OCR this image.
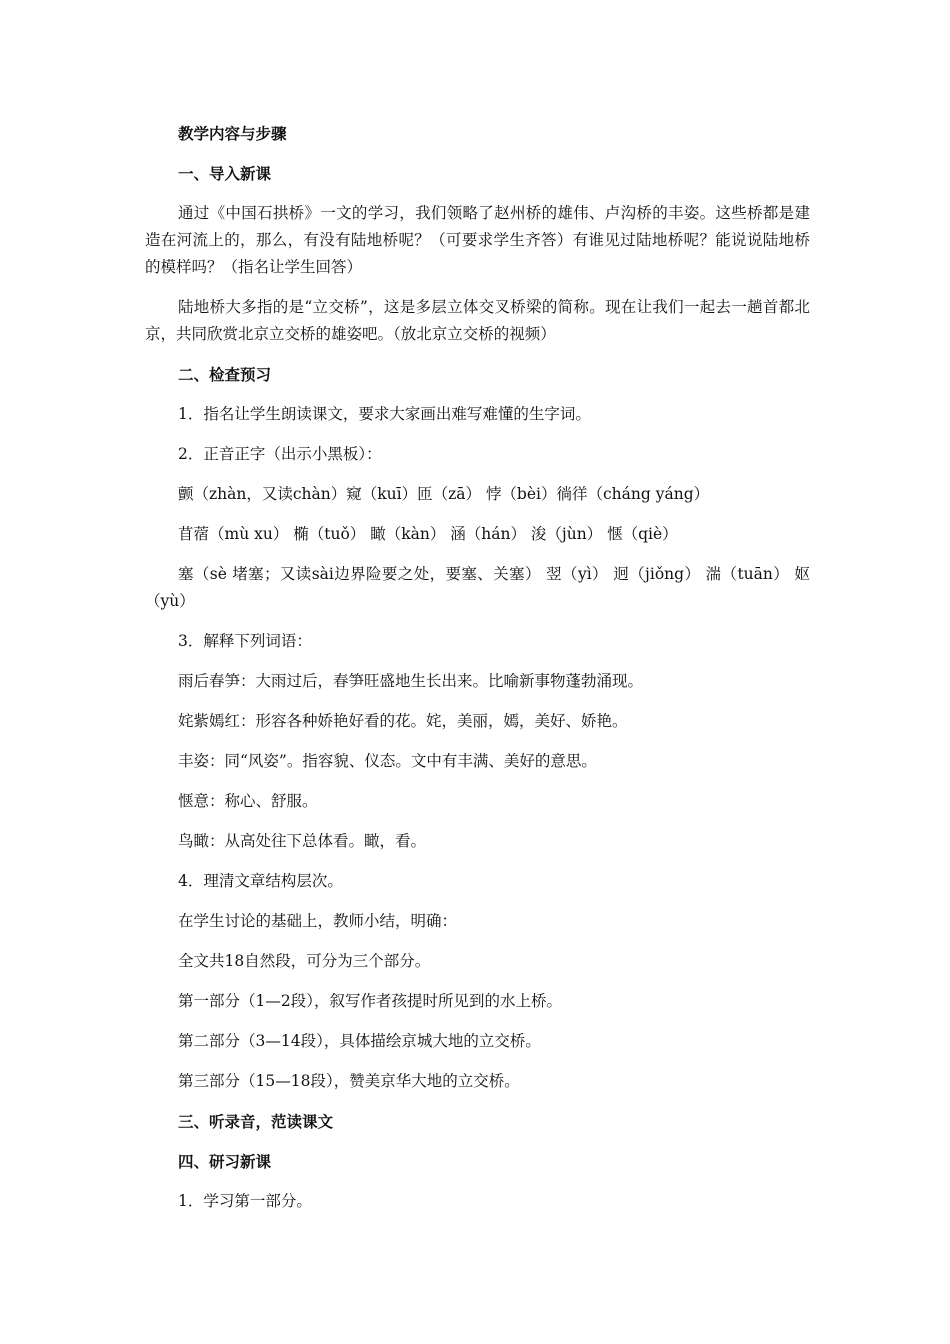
教学内容与步骤
一、导入新课
通过《中国石拱桥》一文的学习，我们领略了赵州桥的雄伟、卢沟桥的丰姿。这些桥都是建造在河流上的，那么，有没有陆地桥呢？（可要求学生齐答）有谁见过陆地桥呢？能说说陆地桥的模样吗？（指名让学生回答）
陆地桥大多指的是“立交桥”，这是多层立体交叉桥梁的简称。现在让我们一起去一趟首都北京，共同欣赏北京立交桥的雄姿吧。（放北京立交桥的视频）
二、检查预习
1．指名让学生朗读课文，要求大家画出难写难懂的生字词。
2．正音正字（出示小黑板）：
颤（zhàn，又读chàn）窥（kuī）匝（zā） 悖（bèi）徜徉（cháng yáng）
苜蓿（mù xu） 椭（tuǒ） 瞰（kàn） 涵（hán） 浚（jùn） 惬（qiè）
塞（sè 堵塞；又读sài边界险要之处，要塞、关塞） 翌（yì） 迥（jiǒng） 湍（tuān） 妪（yù）
3．解释下列词语：
雨后春笋：大雨过后，春笋旺盛地生长出来。比喻新事物蓬勃涌现。
姹紫嫣红：形容各种娇艳好看的花。姹，美丽，嫣，美好、娇艳。
丰姿：同“风姿”。指容貌、仪态。文中有丰满、美好的意思。
惬意：称心、舒服。
鸟瞰：从高处往下总体看。瞰，看。
4．理清文章结构层次。
在学生讨论的基础上，教师小结，明确：
全文共18自然段，可分为三个部分。
第一部分（1—2段），叙写作者孩提时所见到的水上桥。
第二部分（3—14段），具体描绘京城大地的立交桥。
第三部分（15—18段），赞美京华大地的立交桥。
三、听录音，范读课文
四、研习新课
1．学习第一部分。
